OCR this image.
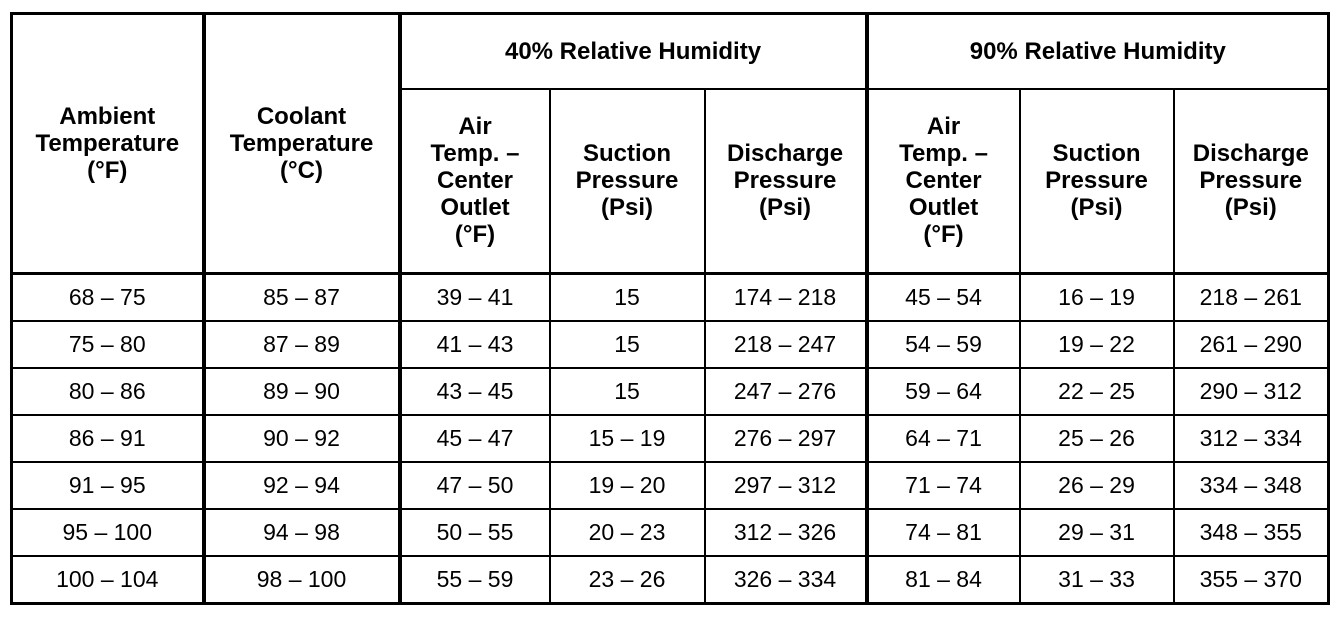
Ambient
Temperature
(°F)	Coolant
Temperature
(°C)	40% Relative Humidity			90% Relative Humidity		

		Air
Temp. –
Center
Outlet
(°F)	Suction
Pressure
(Psi)	Discharge
Pressure
(Psi)	Air
Temp. –
Center
Outlet
(°F)	Suction
Pressure
(Psi)	Discharge
Pressure
(Psi)

68 – 75	85 – 87	39 – 41	15	174 – 218	45 – 54	16 – 19	218 – 261
75 – 80	87 – 89	41 – 43	15	218 – 247	54 – 59	19 – 22	261 – 290
80 – 86	89 – 90	43 – 45	15	247 – 276	59 – 64	22 – 25	290 – 312
86 – 91	90 – 92	45 – 47	15 – 19	276 – 297	64 – 71	25 – 26	312 – 334
91 – 95	92 – 94	47 – 50	19 – 20	297 – 312	71 – 74	26 – 29	334 – 348
95 – 100	94 – 98	50 – 55	20 – 23	312 – 326	74 – 81	29 – 31	348 – 355
100 – 104	98 – 100	55 – 59	23 – 26	326 – 334	81 – 84	31 – 33	355 – 370
